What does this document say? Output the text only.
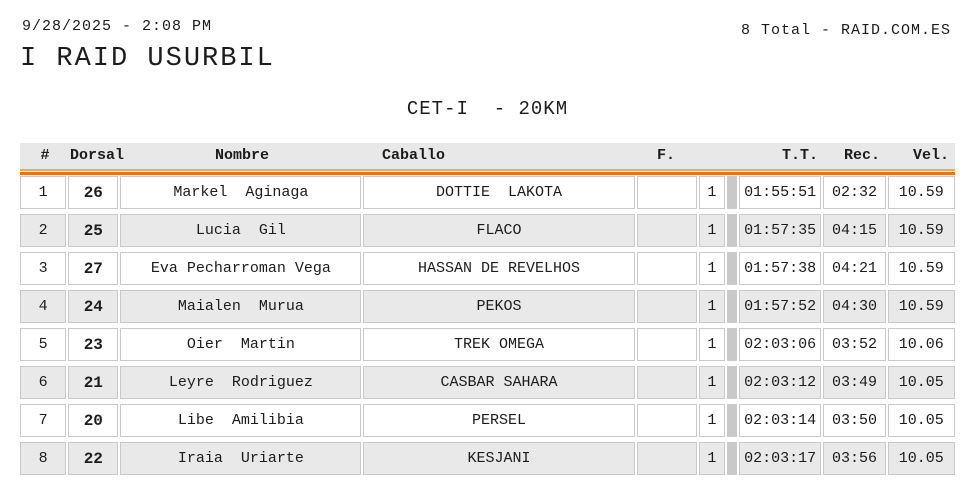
9/28/2025 - 2:08 PM
I RAID USURBIL
8 Total - RAID.COM.ES
CET-I  - 20KM
#	Dorsal	Nombre	Caballo	F.			T.T.	Rec.	Vel.
1	26	Markel  Aginaga	DOTTIE  LAKOTA		1		01:55:51	02:32	10.59
2	25	Lucia  Gil	FLACO		1		01:57:35	04:15	10.59
3	27	Eva Pecharroman Vega	HASSAN DE REVELHOS		1		01:57:38	04:21	10.59
4	24	Maialen  Murua	PEKOS		1		01:57:52	04:30	10.59
5	23	Oier  Martin	TREK OMEGA		1		02:03:06	03:52	10.06
6	21	Leyre  Rodriguez	CASBAR SAHARA		1		02:03:12	03:49	10.05
7	20	Libe  Amilibia	PERSEL		1		02:03:14	03:50	10.05
8	22	Iraia  Uriarte	KESJANI		1		02:03:17	03:56	10.05
